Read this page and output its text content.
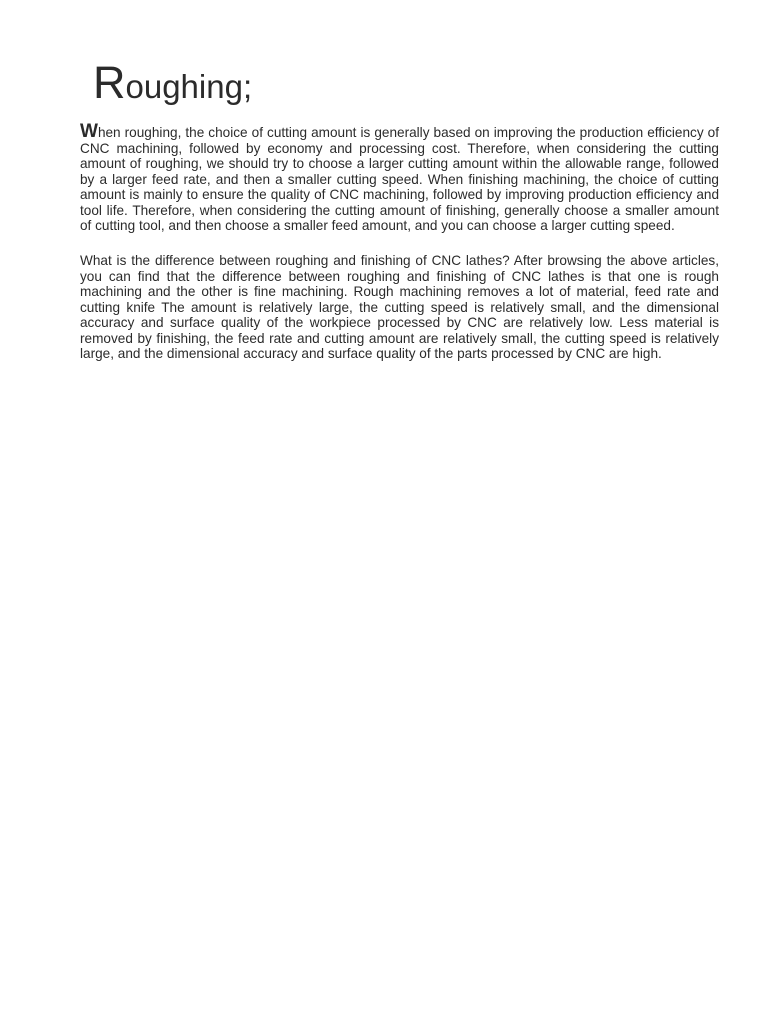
Roughing;

When roughing, the choice of cutting amount is generally based on improving the production efficiency of CNC machining, followed by economy and processing cost. Therefore, when considering the cutting amount of roughing, we should try to choose a larger cutting amount within the allowable range, followed by a larger feed rate, and then a smaller cutting speed. When finishing machining, the choice of cutting amount is mainly to ensure the quality of CNC machining, followed by improving production efficiency and tool life. Therefore, when considering the cutting amount of finishing, generally choose a smaller amount of cutting tool, and then choose a smaller feed amount, and you can choose a larger cutting speed.

What is the difference between roughing and finishing of CNC lathes? After browsing the above articles, you can find that the difference between roughing and finishing of CNC lathes is that one is rough machining and the other is fine machining. Rough machining removes a lot of material, feed rate and cutting knife The amount is relatively large, the cutting speed is relatively small, and the dimensional accuracy and surface quality of the workpiece processed by CNC are relatively low. Less material is removed by finishing, the feed rate and cutting amount are relatively small, the cutting speed is relatively large, and the dimensional accuracy and surface quality of the parts processed by CNC are high.
